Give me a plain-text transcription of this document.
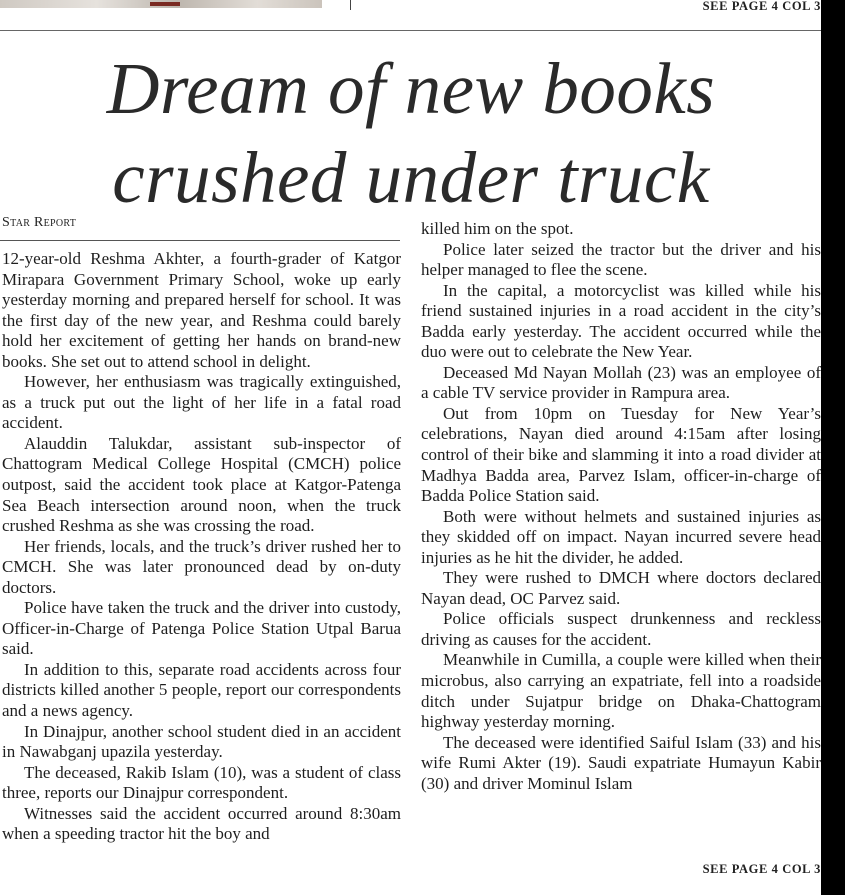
SEE PAGE 4 COL 3
Dream of new books
crushed under truck
Star Report

12-year-old Reshma Akhter, a fourth-grader of Katgor Mirapara Government Primary School, woke up early yesterday morning and prepared herself for school. It was the first day of the new year, and Reshma could barely hold her excitement of getting her hands on brand-new books. She set out to attend school in delight.

However, her enthusiasm was tragically extinguished, as a truck put out the light of her life in a fatal road accident.

Alauddin Talukdar, assistant sub-inspector of Chattogram Medical College Hospital (CMCH) police outpost, said the accident took place at Katgor-Patenga Sea Beach intersection around noon, when the truck crushed Reshma as she was crossing the road.

Her friends, locals, and the truck’s driver rushed her to CMCH. She was later pronounced dead by on-duty doctors.

Police have taken the truck and the driver into custody, Officer-in-Charge of Patenga Police Station Utpal Barua said.

In addition to this, separate road accidents across four districts killed another 5 people, report our correspondents and a news agency.

In Dinajpur, another school student died in an accident in Nawabganj upazila yesterday.

The deceased, Rakib Islam (10), was a student of class three, reports our Dinajpur correspondent.

Witnesses said the accident occurred around 8:30am when a speeding tractor hit the boy and

killed him on the spot.

Police later seized the tractor but the driver and his helper managed to flee the scene.

In the capital, a motorcyclist was killed while his friend sustained injuries in a road accident in the city’s Badda early yesterday. The accident occurred while the duo were out to celebrate the New Year.

Deceased Md Nayan Mollah (23) was an employee of a cable TV service provider in Rampura area.

Out from 10pm on Tuesday for New Year’s celebrations, Nayan died around 4:15am after losing control of their bike and slamming it into a road divider at Madhya Badda area, Parvez Islam, officer-in-charge of Badda Police Station said.

Both were without helmets and sustained injuries as they skidded off on impact. Nayan incurred severe head injuries as he hit the divider, he added.

They were rushed to DMCH where doctors declared Nayan dead, OC Parvez said.

Police officials suspect drunkenness and reckless driving as causes for the accident.

Meanwhile in Cumilla, a couple were killed when their microbus, also carrying an expatriate, fell into a roadside ditch under Sujatpur bridge on Dhaka-Chattogram highway yesterday morning.

The deceased were identified Saiful Islam (33) and his wife Rumi Akter (19). Saudi expatriate Humayun Kabir (30) and driver Mominul Islam

SEE PAGE 4 COL 3
